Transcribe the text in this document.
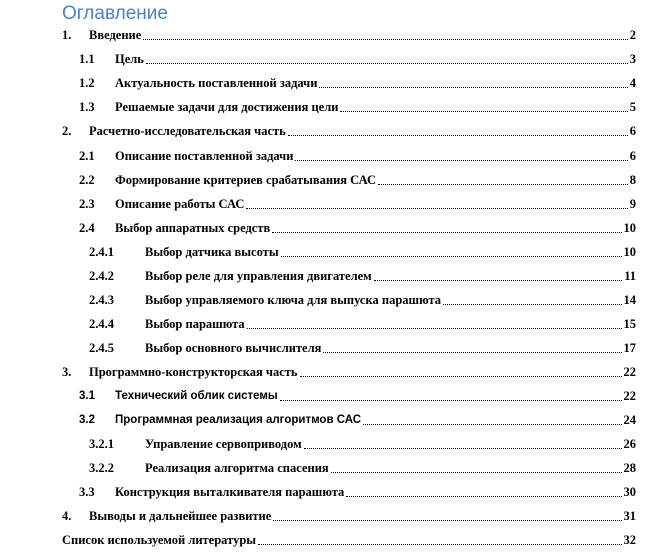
Оглавление
1. Введение	2
1.1 Цель	3
1.2 Актуальность поставленной задачи	4
1.3 Решаемые задачи для достижения цели	5
2. Расчетно-исследовательская часть	6
2.1 Описание поставленной задачи	6
2.2 Формирование критериев срабатывания САС	8
2.3 Описание работы САС	9
2.4 Выбор аппаратных средств	10
2.4.1 Выбор датчика высоты	10
2.4.2 Выбор реле для управления двигателем	11
2.4.3 Выбор управляемого ключа для выпуска парашюта	14
2.4.4 Выбор парашюта	15
2.4.5 Выбор основного вычислителя	17
3. Программно-конструкторская часть	22
3.1 Технический облик системы	22
3.2 Программная реализация алгоритмов САС	24
3.2.1 Управление сервоприводом	26
3.2.2 Реализация алгоритма спасения	28
3.3 Конструкция выталкивателя парашюта	30
4. Выводы и дальнейшее развитие	31
Список используемой литературы	32
